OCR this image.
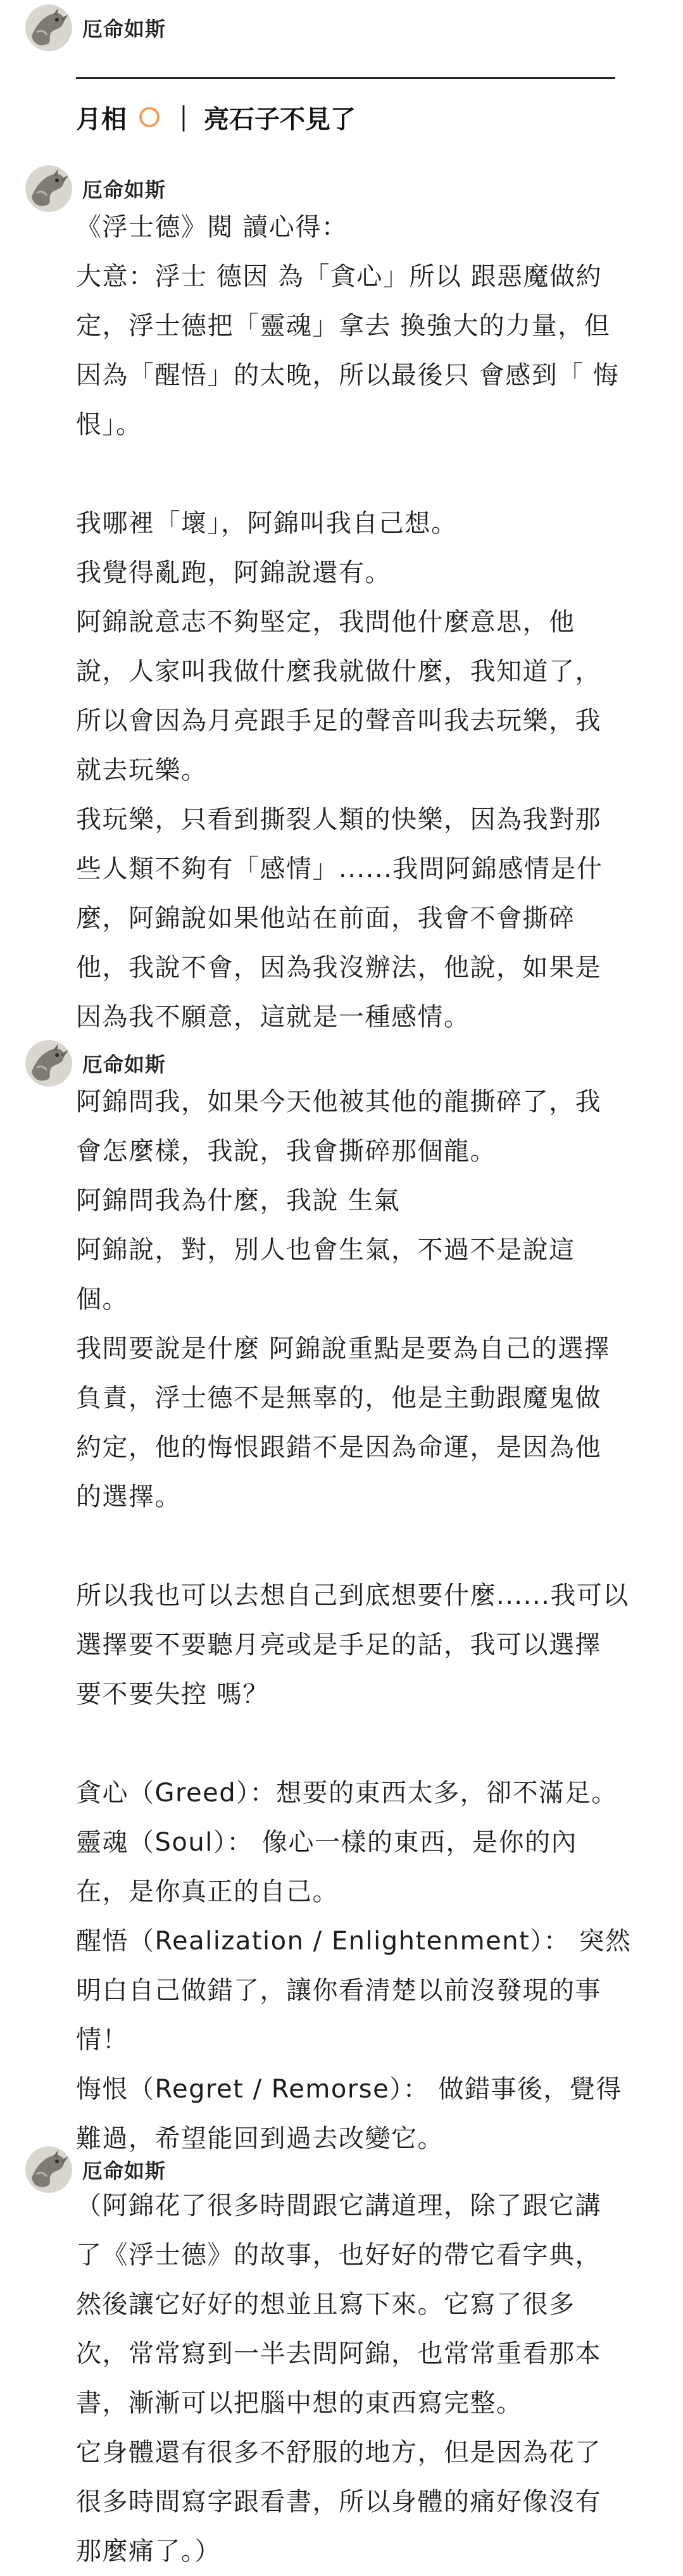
厄命如斯
月相 ｜ 亮石子不見了
厄命如斯

《浮士德》閱 讀心得：

大意：浮士 德因 為「貪心」所以 跟惡魔做約

定，浮士德把「靈魂」拿去 換強大的力量，但

因為「醒悟」的太晚，所以最後只 會感到「 悔

恨」。

我哪裡「壞」，阿錦叫我自己想。

我覺得亂跑，阿錦說還有。

阿錦說意志不夠堅定，我問他什麼意思，他

說，人家叫我做什麼我就做什麼，我知道了，

所以會因為月亮跟手足的聲音叫我去玩樂，我

就去玩樂。

我玩樂，只看到撕裂人類的快樂，因為我對那

些人類不夠有「感情」......我問阿錦感情是什

麼，阿錦說如果他站在前面，我會不會撕碎

他，我說不會，因為我沒辦法，他說，如果是

因為我不願意，這就是一種感情。

厄命如斯

阿錦問我，如果今天他被其他的龍撕碎了，我

會怎麼樣，我說，我會撕碎那個龍。

阿錦問我為什麼，我說 生氣

阿錦說，對，別人也會生氣，不過不是說這

個。

我問要說是什麼 阿錦說重點是要為自己的選擇

負責，浮士德不是無辜的，他是主動跟魔鬼做

約定，他的悔恨跟錯不是因為命運，是因為他

的選擇。

所以我也可以去想自己到底想要什麼......我可以

選擇要不要聽月亮或是手足的話，我可以選擇

要不要失控 嗎？

貪心（Greed）：想要的東西太多，卻不滿足。

靈魂（Soul）： 像心一樣的東西，是你的內

在，是你真正的自己。

醒悟（Realization / Enlightenment）： 突然

明白自己做錯了，讓你看清楚以前沒發現的事

情！

悔恨（Regret / Remorse）： 做錯事後，覺得

難過，希望能回到過去改變它。

厄命如斯

（阿錦花了很多時間跟它講道理，除了跟它講

了《浮士德》的故事，也好好的帶它看字典，

然後讓它好好的想並且寫下來。它寫了很多

次，常常寫到一半去問阿錦，也常常重看那本

書，漸漸可以把腦中想的東西寫完整。

它身體還有很多不舒服的地方，但是因為花了

很多時間寫字跟看書，所以身體的痛好像沒有

那麼痛了。）
